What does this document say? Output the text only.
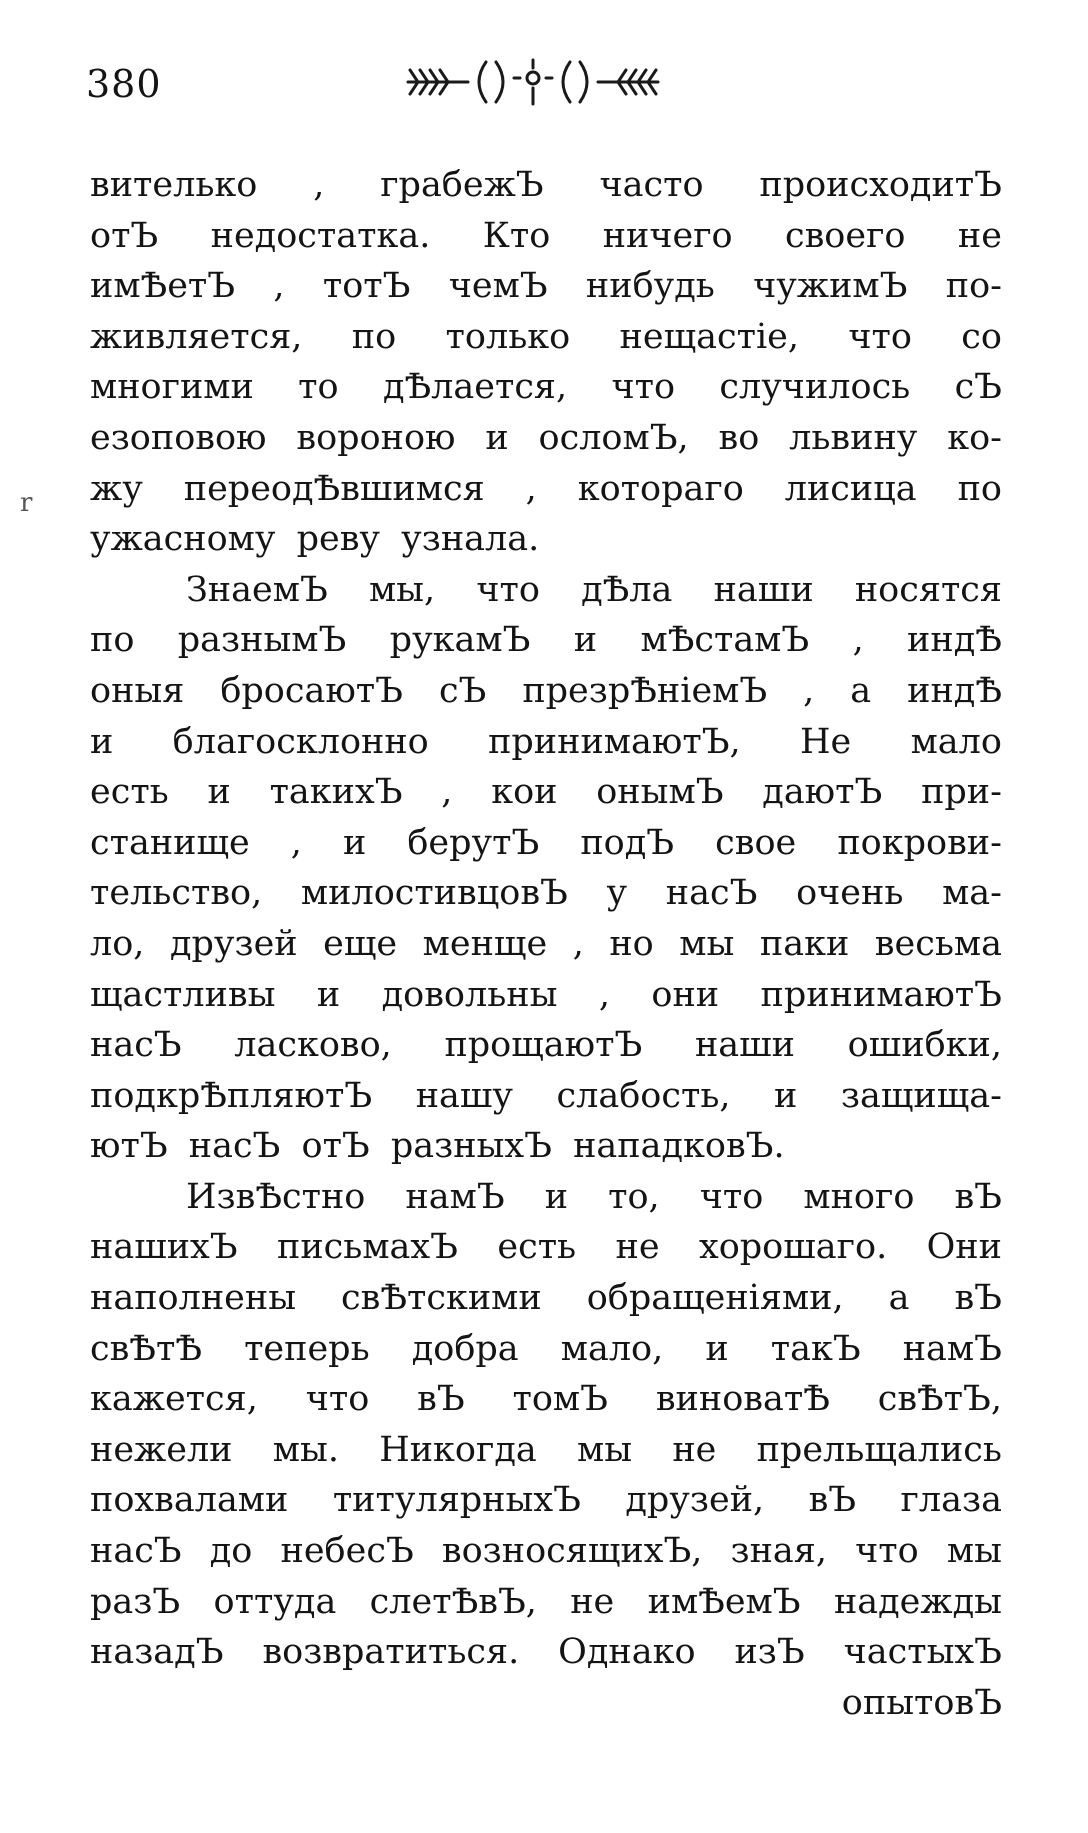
380
вителько , грабежЪ часто происходитЪ
отЪ недостатка. Кто ничего своего не
имѢетЪ , тотЪ чемЪ нибудь чужимЪ по-
живляется, по только нещастіе, что со
многими то дѢлается, что случилось сЪ
езоповою вороною и осломЪ, во львину ко-
жу переодѢвшимся , котораго лисица по
ужасному реву узнала.
ЗнаемЪ мы, что дѢла наши носятся
по разнымЪ рукамЪ и мѢстамЪ , индѢ
оныя бросаютЪ сЪ презрѢніемЪ , а индѢ
и благосклонно принимаютЪ, Не мало
есть и такихЪ , кои онымЪ даютЪ при-
станище , и берутЪ подЪ свое покрови-
тельство, милостивцовЪ у насЪ очень ма-
ло, друзей еще менще , но мы паки весьма
щастливы и довольны , они принимаютЪ
насЪ ласково, прощаютЪ наши ошибки,
подкрѢпляютЪ нашу слабость, и защища-
ютЪ насЪ отЪ разныхЪ нападковЪ.
ИзвѢстно намЪ и то, что много вЪ
нашихЪ письмахЪ есть не хорошаго. Они
наполнены свѢтскими обращеніями, а вЪ
свѢтѢ теперь добра мало, и такЪ намЪ
кажется, что вЪ томЪ виноватѢ свѢтЪ,
нежели мы. Никогда мы не прельщались
похвалами титулярныхЪ друзей, вЪ глаза
насЪ до небесЪ возносящихЪ, зная, что мы
разЪ оттуда слетѢвЪ, не имѢемЪ надежды
назадЪ возвратиться. Однако изЪ частыхЪ
опытовЪ
r
